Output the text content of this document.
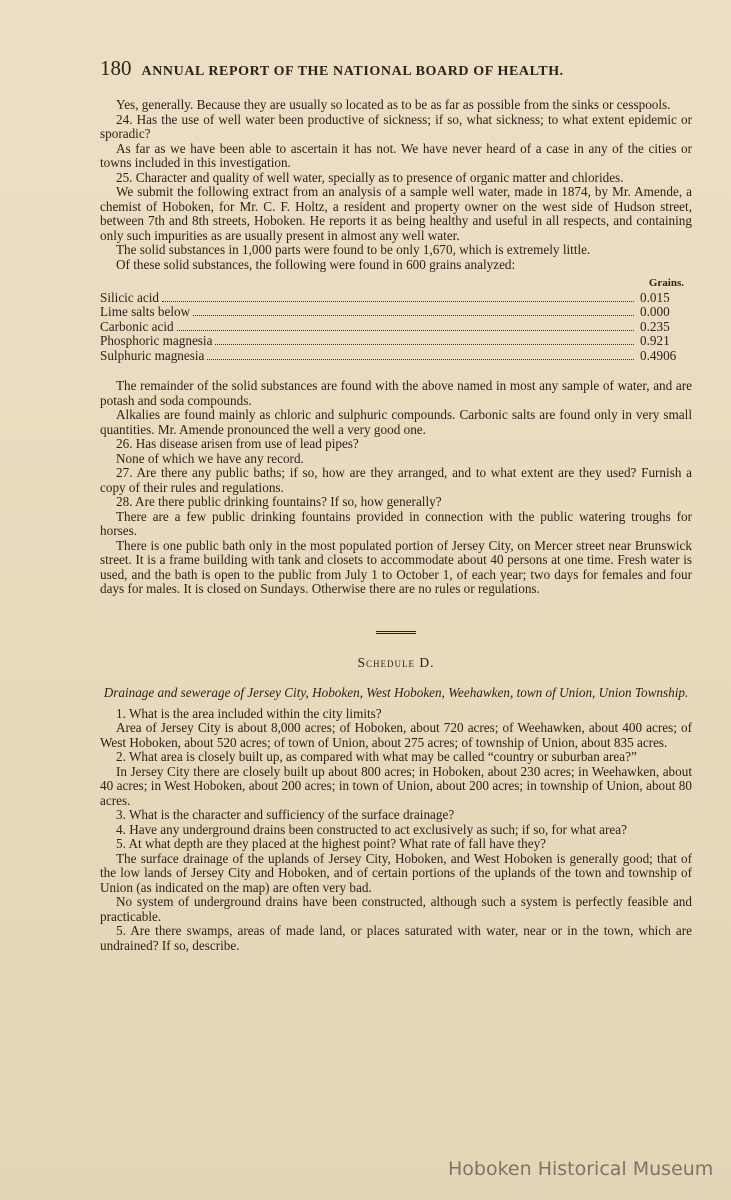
180 ANNUAL REPORT OF THE NATIONAL BOARD OF HEALTH.

Yes, generally. Because they are usually so located as to be as far as possible from the sinks or cesspools.

24. Has the use of well water been productive of sickness; if so, what sickness; to what extent epidemic or sporadic?

As far as we have been able to ascertain it has not. We have never heard of a case in any of the cities or towns included in this investigation.

25. Character and quality of well water, specially as to presence of organic matter and chlorides.

We submit the following extract from an analysis of a sample well water, made in 1874, by Mr. Amende, a chemist of Hoboken, for Mr. C. F. Holtz, a resident and property owner on the west side of Hudson street, between 7th and 8th streets, Hoboken. He reports it as being healthy and useful in all respects, and containing only such impurities as are usually present in almost any well water.

The solid substances in 1,000 parts were found to be only 1,670, which is extremely little.

Of these solid substances, the following were found in 600 grains analyzed:

Grains.
Silicic acid	0.015
Lime salts below	0.000
Carbonic acid	0.235
Phosphoric magnesia	0.921
Sulphuric magnesia	0.4906

The remainder of the solid substances are found with the above named in most any sample of water, and are potash and soda compounds.

Alkalies are found mainly as chloric and sulphuric compounds. Carbonic salts are found only in very small quantities. Mr. Amende pronounced the well a very good one.

26. Has disease arisen from use of lead pipes?

None of which we have any record.

27. Are there any public baths; if so, how are they arranged, and to what extent are they used? Furnish a copy of their rules and regulations.

28. Are there public drinking fountains? If so, how generally?

There are a few public drinking fountains provided in connection with the public watering troughs for horses.

There is one public bath only in the most populated portion of Jersey City, on Mercer street near Brunswick street. It is a frame building with tank and closets to accommodate about 40 persons at one time. Fresh water is used, and the bath is open to the public from July 1 to October 1, of each year; two days for females and four days for males. It is closed on Sundays. Otherwise there are no rules or regulations.

Schedule D.

Drainage and sewerage of Jersey City, Hoboken, West Hoboken, Weehawken, town of Union, Union Township.

1. What is the area included within the city limits?

Area of Jersey City is about 8,000 acres; of Hoboken, about 720 acres; of Weehawken, about 400 acres; of West Hoboken, about 520 acres; of town of Union, about 275 acres; of township of Union, about 835 acres.

2. What area is closely built up, as compared with what may be called “country or suburban area?”

In Jersey City there are closely built up about 800 acres; in Hoboken, about 230 acres; in Weehawken, about 40 acres; in West Hoboken, about 200 acres; in town of Union, about 200 acres; in township of Union, about 80 acres.

3. What is the character and sufficiency of the surface drainage?

4. Have any underground drains been constructed to act exclusively as such; if so, for what area?

5. At what depth are they placed at the highest point? What rate of fall have they?

The surface drainage of the uplands of Jersey City, Hoboken, and West Hoboken is generally good; that of the low lands of Jersey City and Hoboken, and of certain portions of the uplands of the town and township of Union (as indicated on the map) are often very bad.

No system of underground drains have been constructed, although such a system is perfectly feasible and practicable.

5. Are there swamps, areas of made land, or places saturated with water, near or in the town, which are undrained? If so, describe.

Hoboken Historical Museum
